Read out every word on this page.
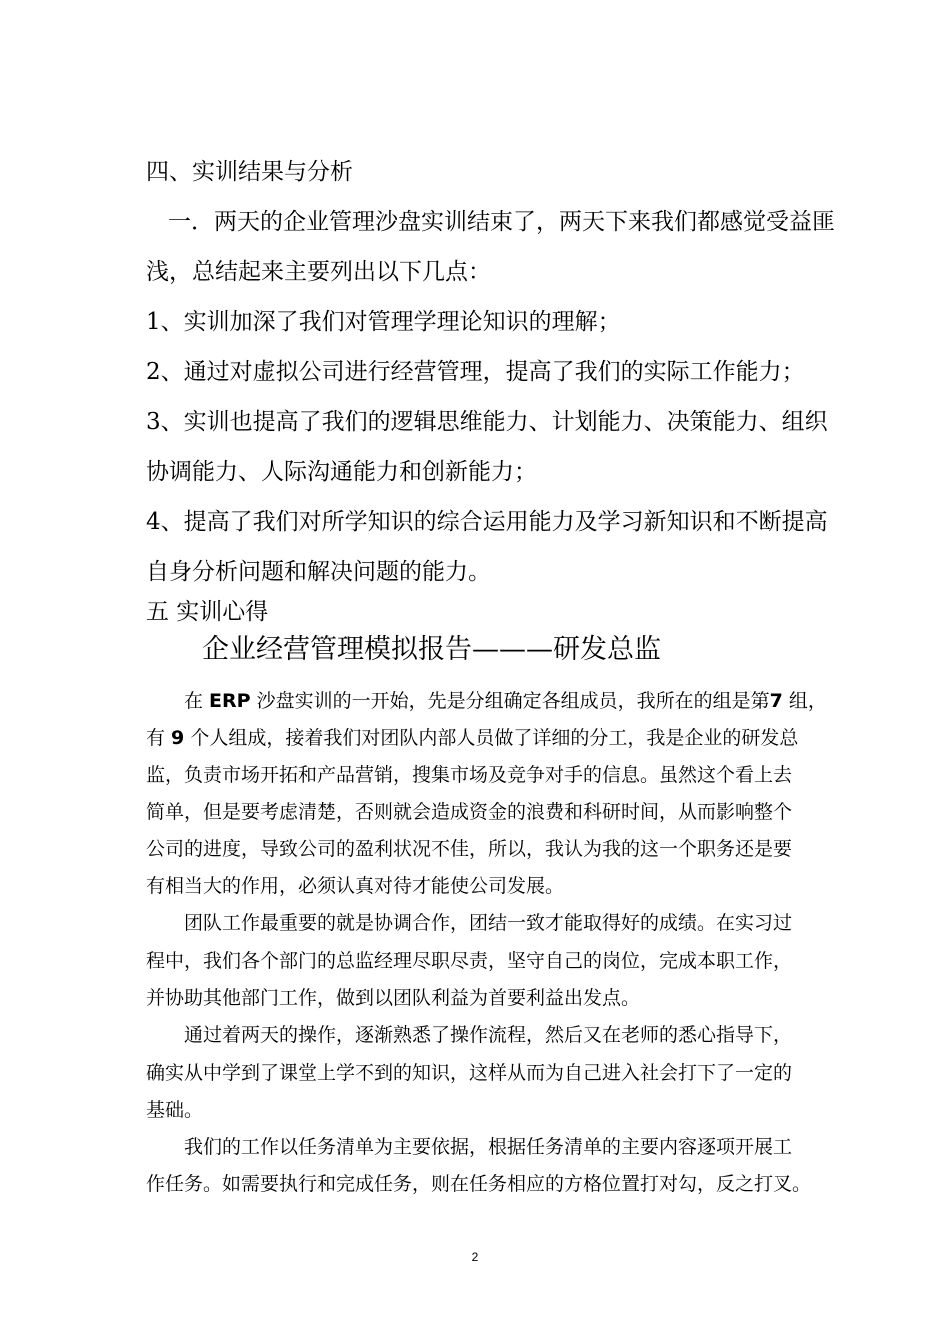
四、实训结果与分析
一．两天的企业管理沙盘实训结束了，两天下来我们都感觉受益匪
浅，总结起来主要列出以下几点：
1、实训加深了我们对管理学理论知识的理解；
2、通过对虚拟公司进行经营管理，提高了我们的实际工作能力；
3、实训也提高了我们的逻辑思维能力、计划能力、决策能力、组织
协调能力、人际沟通能力和创新能力；
4、提高了我们对所学知识的综合运用能力及学习新知识和不断提高
自身分析问题和解决问题的能力。
五 实训心得
企业经营管理模拟报告———研发总监
在 ERP 沙盘实训的一开始，先是分组确定各组成员，我所在的组是第7 组，
有 9 个人组成，接着我们对团队内部人员做了详细的分工，我是企业的研发总
监，负责市场开拓和产品营销，搜集市场及竞争对手的信息。虽然这个看上去
简单，但是要考虑清楚，否则就会造成资金的浪费和科研时间，从而影响整个
公司的进度，导致公司的盈利状况不佳，所以，我认为我的这一个职务还是要
有相当大的作用，必须认真对待才能使公司发展。
团队工作最重要的就是协调合作，团结一致才能取得好的成绩。在实习过
程中，我们各个部门的总监经理尽职尽责，坚守自己的岗位，完成本职工作，
并协助其他部门工作，做到以团队利益为首要利益出发点。
通过着两天的操作，逐渐熟悉了操作流程，然后又在老师的悉心指导下，
确实从中学到了课堂上学不到的知识，这样从而为自己进入社会打下了一定的
基础。
我们的工作以任务清单为主要依据，根据任务清单的主要内容逐项开展工
作任务。如需要执行和完成任务，则在任务相应的方格位置打对勾，反之打叉。
2
